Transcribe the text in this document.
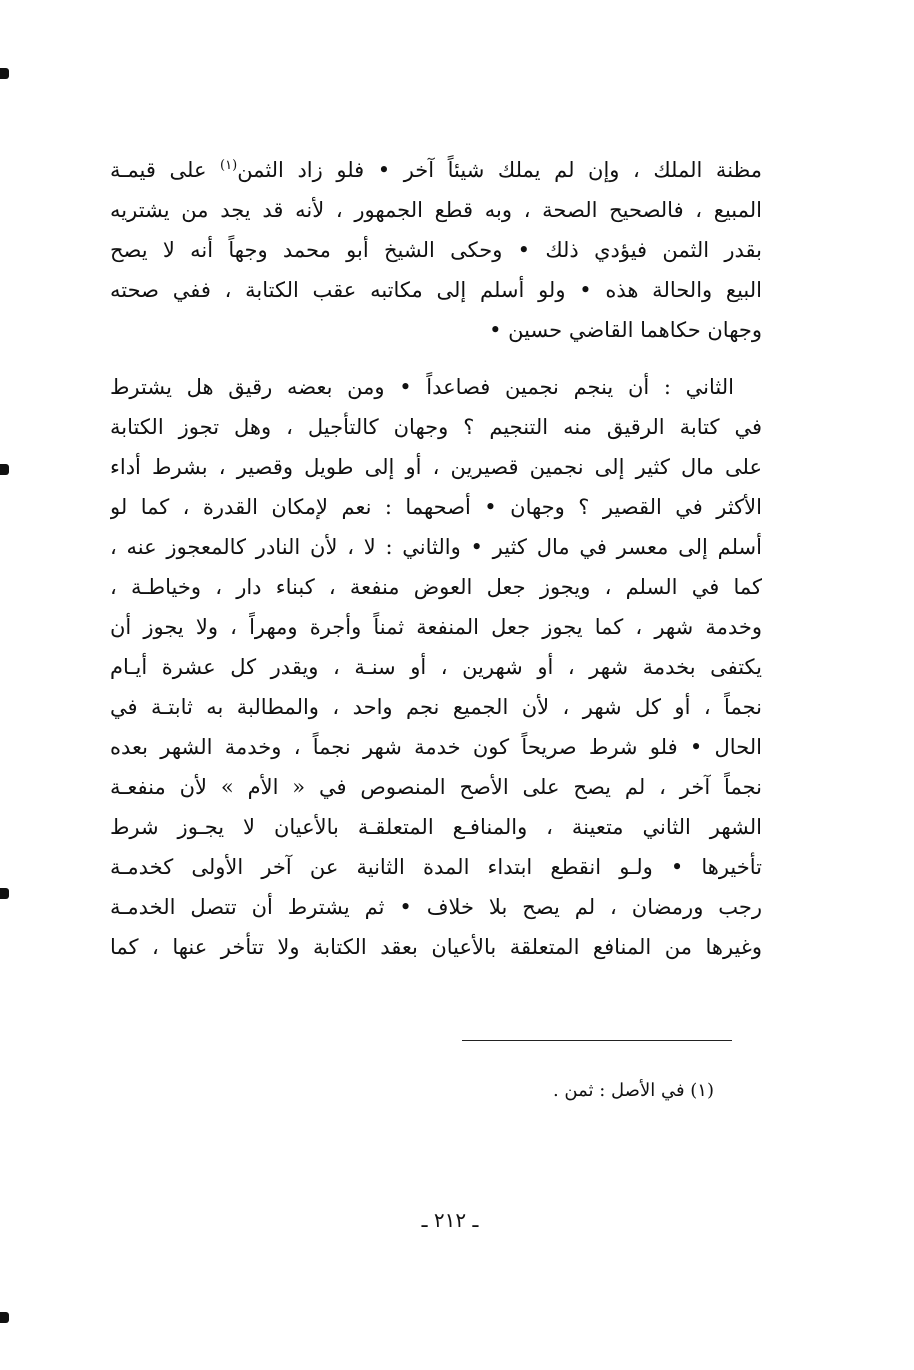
مظنة الملك ، وإن لم يملك شيئاً آخر • فلو زاد الثمن$^{(١)}$ على قيمـة
المبيع ، فالصحيح الصحة ، وبه قطع الجمهور ، لأنه قد يجد من يشتريه
بقدر الثمن فيؤدي ذلك • وحكى الشيخ أبو محمد وجهاً أنه لا يصح
البيع والحالة هذه • ولو أسلم إلى مكاتبه عقب الكتابة ، ففي صحته
وجهان حكاهما القاضي حسين •
الثاني : أن ينجم نجمين فصاعداً • ومن بعضه رقيق هل يشترط
في كتابة الرقيق منه التنجيم ؟ وجهان كالتأجيل ، وهل تجوز الكتابة
على مال كثير إلى نجمين قصيرين ، أو إلى طويل وقصير ، بشرط أداء
الأكثر في القصير ؟ وجهان • أصحهما : نعم لإمكان القدرة ، كما لو
أسلم إلى معسر في مال كثير • والثاني : لا ، لأن النادر كالمعجوز عنه ،
كما في السلم ، ويجوز جعل العوض منفعة ، كبناء دار ، وخياطـة ،
وخدمة شهر ، كما يجوز جعل المنفعة ثمناً وأجرة ومهراً ، ولا يجوز أن
يكتفى بخدمة شهر ، أو شهرين ، أو سنـة ، ويقدر كل عشرة أيـام
نجماً ، أو كل شهر ، لأن الجميع نجم واحد ، والمطالبة به ثابتـة في
الحال • فلو شرط صريحاً كون خدمة شهر نجماً ، وخدمة الشهر بعده
نجماً آخر ، لم يصح على الأصح المنصوص في « الأم » لأن منفعـة
الشهر الثاني متعينة ، والمنافـع المتعلقـة بالأعيان لا يجـوز شرط
تأخيرها • ولـو انقطع ابتداء المدة الثانية عن آخر الأولى كخدمـة
رجب ورمضان ، لم يصح بلا خلاف • ثم يشترط أن تتصل الخدمـة
وغيرها من المنافع المتعلقة بالأعيان بعقد الكتابة ولا تتأخر عنها ، كما
(١) في الأصل : ثمن .
ـ ٢١٢ ـ
